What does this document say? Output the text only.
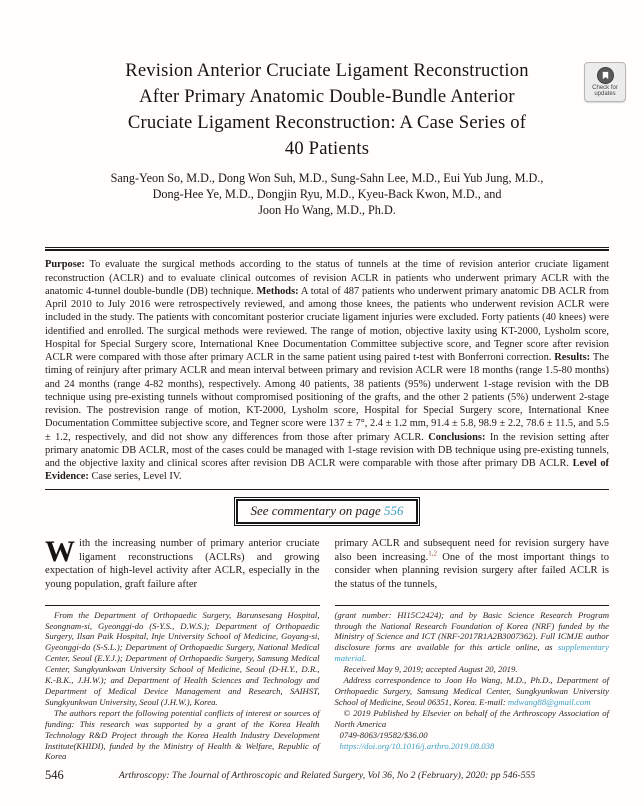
Check for
updates
Revision Anterior Cruciate Ligament Reconstruction
After Primary Anatomic Double-Bundle Anterior
Cruciate Ligament Reconstruction: A Case Series of
40 Patients
Sang-Yeon So, M.D., Dong Won Suh, M.D., Sung-Sahn Lee, M.D., Eui Yub Jung, M.D.,
Dong-Hee Ye, M.D., Dongjin Ryu, M.D., Kyeu-Back Kwon, M.D., and
Joon Ho Wang, M.D., Ph.D.
Purpose: To evaluate the surgical methods according to the status of tunnels at the time of revision anterior cruciate ligament reconstruction (ACLR) and to evaluate clinical outcomes of revision ACLR in patients who underwent primary ACLR with the anatomic 4-tunnel double-bundle (DB) technique. Methods: A total of 487 patients who underwent primary anatomic DB ACLR from April 2010 to July 2016 were retrospectively reviewed, and among those knees, the patients who underwent revision ACLR were included in the study. The patients with concomitant posterior cruciate ligament injuries were excluded. Forty patients (40 knees) were identified and enrolled. The surgical methods were reviewed. The range of motion, objective laxity using KT-2000, Lysholm score, Hospital for Special Surgery score, International Knee Documentation Committee subjective score, and Tegner score after revision ACLR were compared with those after primary ACLR in the same patient using paired t-test with Bonferroni correction. Results: The timing of reinjury after primary ACLR and mean interval between primary and revision ACLR were 18 months (range 1.5-80 months) and 24 months (range 4-82 months), respectively. Among 40 patients, 38 patients (95%) underwent 1-stage revision with the DB technique using pre-existing tunnels without compromised positioning of the grafts, and the other 2 patients (5%) underwent 2-stage revision. The postrevision range of motion, KT-2000, Lysholm score, Hospital for Special Surgery score, International Knee Documentation Committee subjective score, and Tegner score were 137 ± 7°, 2.4 ± 1.2 mm, 91.4 ± 5.8, 98.9 ± 2.2, 78.6 ± 11.5, and 5.5 ± 1.2, respectively, and did not show any differences from those after primary ACLR. Conclusions: In the revision setting after primary anatomic DB ACLR, most of the cases could be managed with 1-stage revision with DB technique using pre-existing tunnels, and the objective laxity and clinical scores after revision DB ACLR were comparable with those after primary DB ACLR. Level of Evidence: Case series, Level IV.
See commentary on page 556
With the increasing number of primary anterior cruciate ligament reconstructions (ACLRs) and growing expectation of high-level activity after ACLR, especially in the young population, graft failure after

From the Department of Orthopaedic Surgery, Barunsesang Hospital, Seongnam-si, Gyeonggi-do (S-Y.S., D.W.S.); Department of Orthopaedic Surgery, Ilsan Paik Hospital, Inje University School of Medicine, Goyang-si, Gyeonggi-do (S-S.L.); Department of Orthopaedic Surgery, National Medical Center, Seoul (E.Y.J.); Department of Orthopaedic Surgery, Samsung Medical Center, Sungkyunkwan University School of Medicine, Seoul (D-H.Y., D.R., K.-B.K., J.H.W.); and Department of Health Sciences and Technology and Department of Medical Device Management and Research, SAIHST, Sungkyunkwan University, Seoul (J.H.W.), Korea.

The authors report the following potential conflicts of interest or sources of funding: This research was supported by a grant of the Korea Health Technology R&D Project through the Korea Health Industry Development Institute(KHIDI), funded by the Ministry of Health & Welfare, Republic of Korea

primary ACLR and subsequent need for revision surgery have also been increasing.$^{1,2}$ One of the most important things to consider when planning revision surgery after failed ACLR is the status of the tunnels,

(grant number: HI15C2424); and by Basic Science Research Program through the National Research Foundation of Korea (NRF) funded by the Ministry of Science and ICT (NRF-2017R1A2B3007362). Full ICMJE author disclosure forms are available for this article online, as supplementary material.

Received May 9, 2019; accepted August 20, 2019.

Address correspondence to Joon Ho Wang, M.D., Ph.D., Department of Orthopaedic Surgery, Samsung Medical Center, Sungkyunkwan University School of Medicine, Seoul 06351, Korea. E-mail: mdwang88@gmail.com

© 2019 Published by Elsevier on behalf of the Arthroscopy Association of North America

0749-8063/19582/$36.00

https://doi.org/10.1016/j.arthro.2019.08.038

546	Arthroscopy: The Journal of Arthroscopic and Related Surgery, Vol 36, No 2 (February), 2020: pp 546-555
